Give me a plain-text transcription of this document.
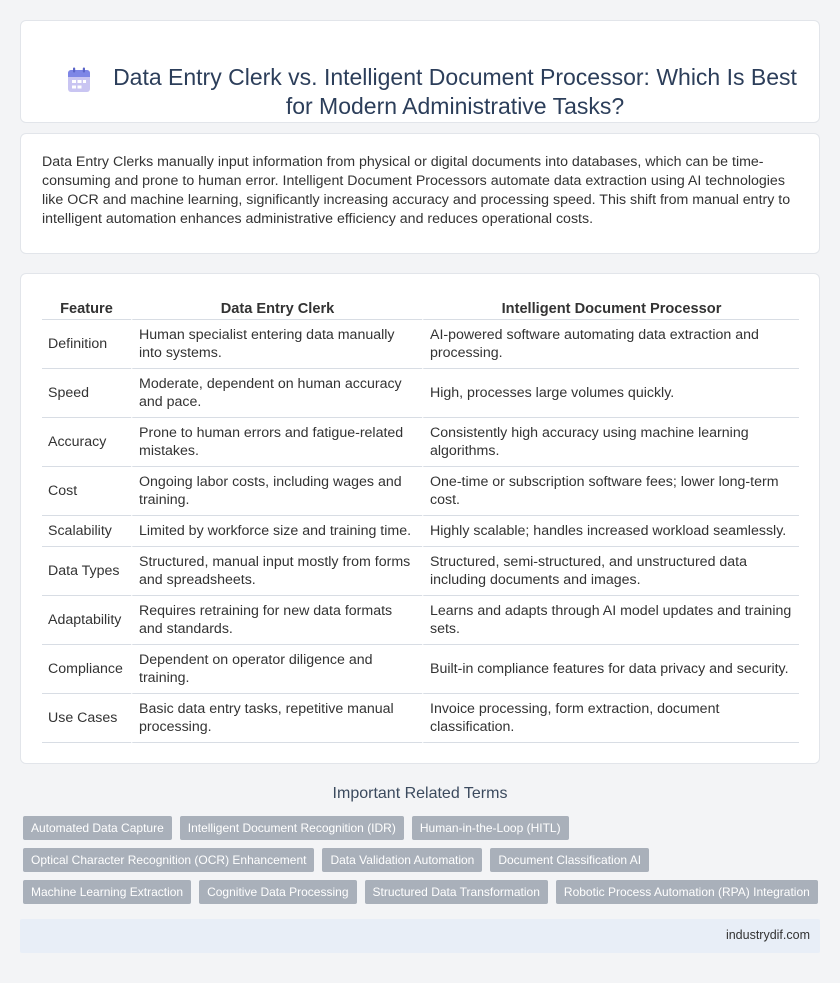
Data Entry Clerk vs. Intelligent Document Processor: Which Is Best for Modern Administrative Tasks?

Data Entry Clerks manually input information from physical or digital documents into databases, which can be time-consuming and prone to human error. Intelligent Document Processors automate data extraction using AI technologies like OCR and machine learning, significantly increasing accuracy and processing speed. This shift from manual entry to intelligent automation enhances administrative efficiency and reduces operational costs.

Feature	Data Entry Clerk	Intelligent Document Processor
Definition	Human specialist entering data manually into systems.	AI-powered software automating data extraction and processing.
Speed	Moderate, dependent on human accuracy and pace.	High, processes large volumes quickly.
Accuracy	Prone to human errors and fatigue-related mistakes.	Consistently high accuracy using machine learning algorithms.
Cost	Ongoing labor costs, including wages and training.	One-time or subscription software fees; lower long-term cost.
Scalability	Limited by workforce size and training time.	Highly scalable; handles increased workload seamlessly.
Data Types	Structured, manual input mostly from forms and spreadsheets.	Structured, semi-structured, and unstructured data including documents and images.
Adaptability	Requires retraining for new data formats and standards.	Learns and adapts through AI model updates and training sets.
Compliance	Dependent on operator diligence and training.	Built-in compliance features for data privacy and security.
Use Cases	Basic data entry tasks, repetitive manual processing.	Invoice processing, form extraction, document classification.
Important Related Terms
Automated Data Capture	Intelligent Document Recognition (IDR)	Human-in-the-Loop (HITL)
Optical Character Recognition (OCR) Enhancement	Data Validation Automation	Document Classification AI
Machine Learning Extraction	Cognitive Data Processing	Structured Data Transformation	Robotic Process Automation (RPA) Integration
industrydif.com
